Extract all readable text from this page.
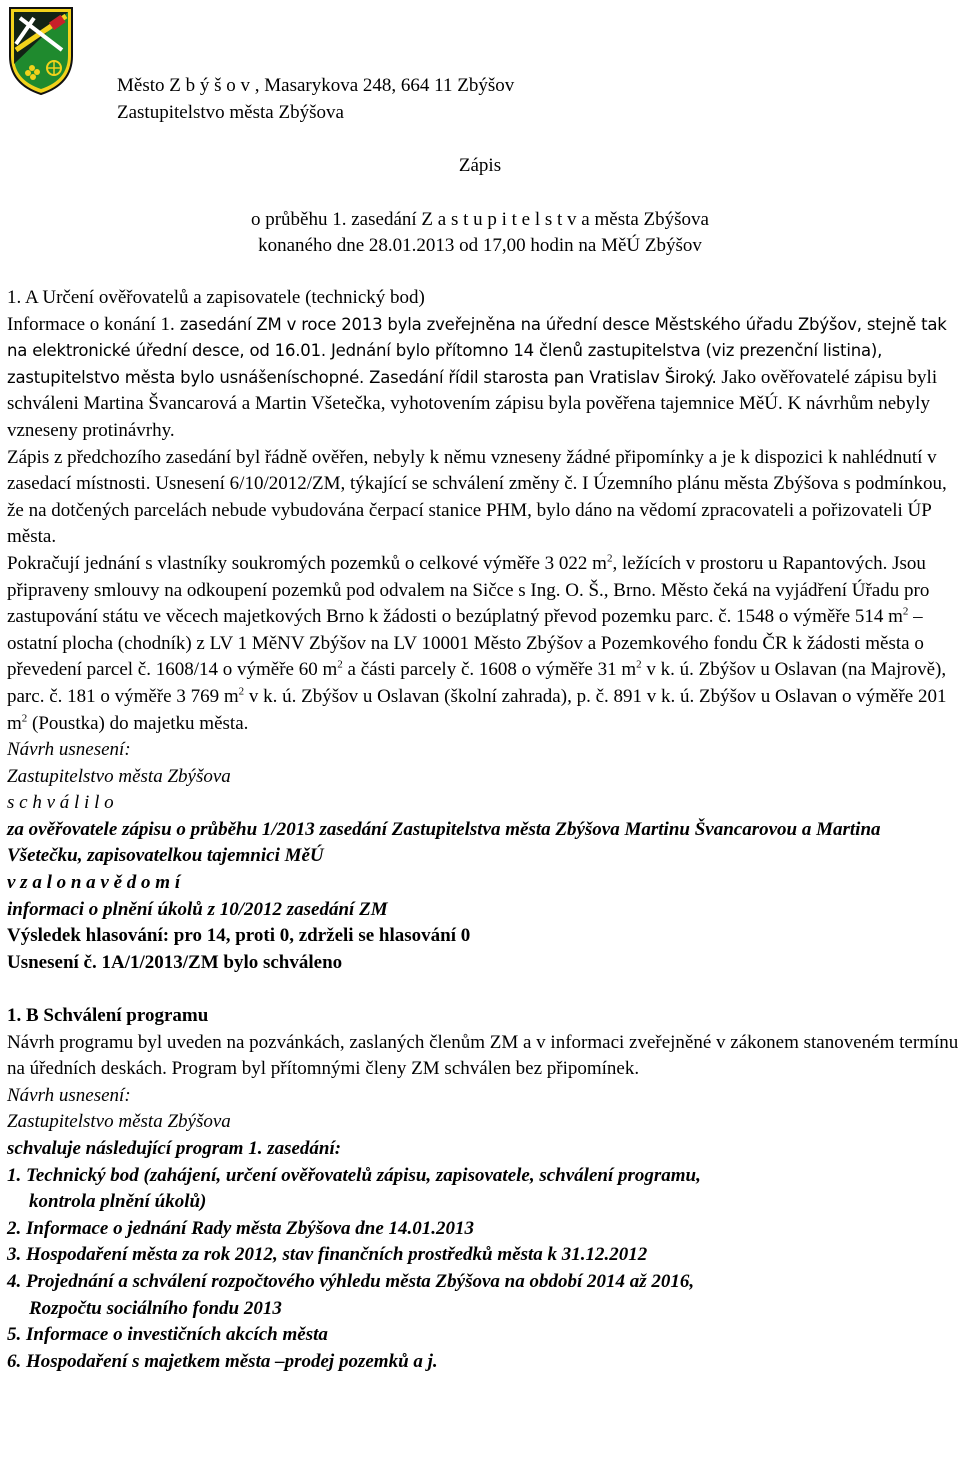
Město Z b ý š o v , Masarykova 248, 664 11 Zbýšov
Zastupitelstvo města Zbýšova
Zápis
o průběhu 1. zasedání Z a s t u p i t e l s t v a města Zbýšova
konaného dne 28.01.2013 od 17,00 hodin na MěÚ Zbýšov

1. A Určení ověřovatelů a zapisovatele (technický bod)

Informace o konání 1. zasedání ZM v roce 2013 byla zveřejněna na úřední desce Městského úřadu Zbýšov, stejně tak na elektronické úřední desce, od 16.01. Jednání bylo přítomno 14 členů zastupitelstva (viz prezenční listina), zastupitelstvo města bylo usnášeníschopné. Zasedání řídil starosta pan Vratislav Široký. Jako ověřovatelé zápisu byli schváleni Martina Švancarová a Martin Všetečka, vyhotovením zápisu byla pověřena tajemnice MěÚ. K návrhům nebyly vzneseny protinávrhy.

Zápis z předchozího zasedání byl řádně ověřen, nebyly k němu vzneseny žádné připomínky a je k dispozici k nahlédnutí v zasedací místnosti. Usnesení 6/10/2012/ZM, týkající se schválení změny č. I Územního plánu města Zbýšova s podmínkou, že na dotčených parcelách nebude vybudována čerpací stanice PHM, bylo dáno na vědomí zpracovateli a pořizovateli ÚP města.

Pokračují jednání s vlastníky soukromých pozemků o celkové výměře 3 022 $m^2$, ležících v prostoru u Rapantových. Jsou připraveny smlouvy na odkoupení pozemků pod odvalem na Sičce s Ing. O. Š., Brno. Město čeká na vyjádření Úřadu pro zastupování státu ve věcech majetkových Brno k žádosti o bezúplatný převod pozemku parc. č. 1548 o výměře 514 $m^2$ – ostatní plocha (chodník) z LV 1 MěNV Zbýšov na LV 10001 Město Zbýšov a Pozemkového fondu ČR k žádosti města o převedení parcel č. 1608/14 o výměře 60 $m^2$ a části parcely č. 1608 o výměře 31 $m^2$ v k. ú. Zbýšov u Oslavan (na Majrově), parc. č. 181 o výměře 3 769 $m^2$ v k. ú. Zbýšov u Oslavan (školní zahrada), p. č. 891 v k. ú. Zbýšov u Oslavan o výměře 201 $m^2$ (Poustka) do majetku města.

Návrh usnesení:

Zastupitelstvo města Zbýšova

s c h v á l i l o

za ověřovatele zápisu o průběhu 1/2013 zasedání Zastupitelstva města Zbýšova Martinu Švancarovou a Martina Všetečku, zapisovatelkou tajemnici MěÚ

v z a l o n a v ě d o m í

informaci o plnění úkolů z 10/2012 zasedání ZM

Výsledek hlasování: pro 14, proti 0, zdrželi se hlasování 0

Usnesení č. 1A/1/2013/ZM bylo schváleno

1. B Schválení programu

Návrh programu byl uveden na pozvánkách, zaslaných členům ZM a v informaci zveřejněné v zákonem stanoveném termínu na úředních deskách. Program byl přítomnými členy ZM schválen bez připomínek.

Návrh usnesení:

Zastupitelstvo města Zbýšova

schvaluje následující program 1. zasedání:

1. Technický bod (zahájení, určení ověřovatelů zápisu, zapisovatele, schválení programu,

kontrola plnění úkolů)

2. Informace o jednání Rady města Zbýšova dne 14.01.2013

3. Hospodaření města za rok 2012, stav finančních prostředků města k 31.12.2012

4. Projednání a schválení rozpočtového výhledu města Zbýšova na období 2014 až 2016,

Rozpočtu sociálního fondu 2013

5. Informace o investičních akcích města

6. Hospodaření s majetkem města –prodej pozemků a j.
